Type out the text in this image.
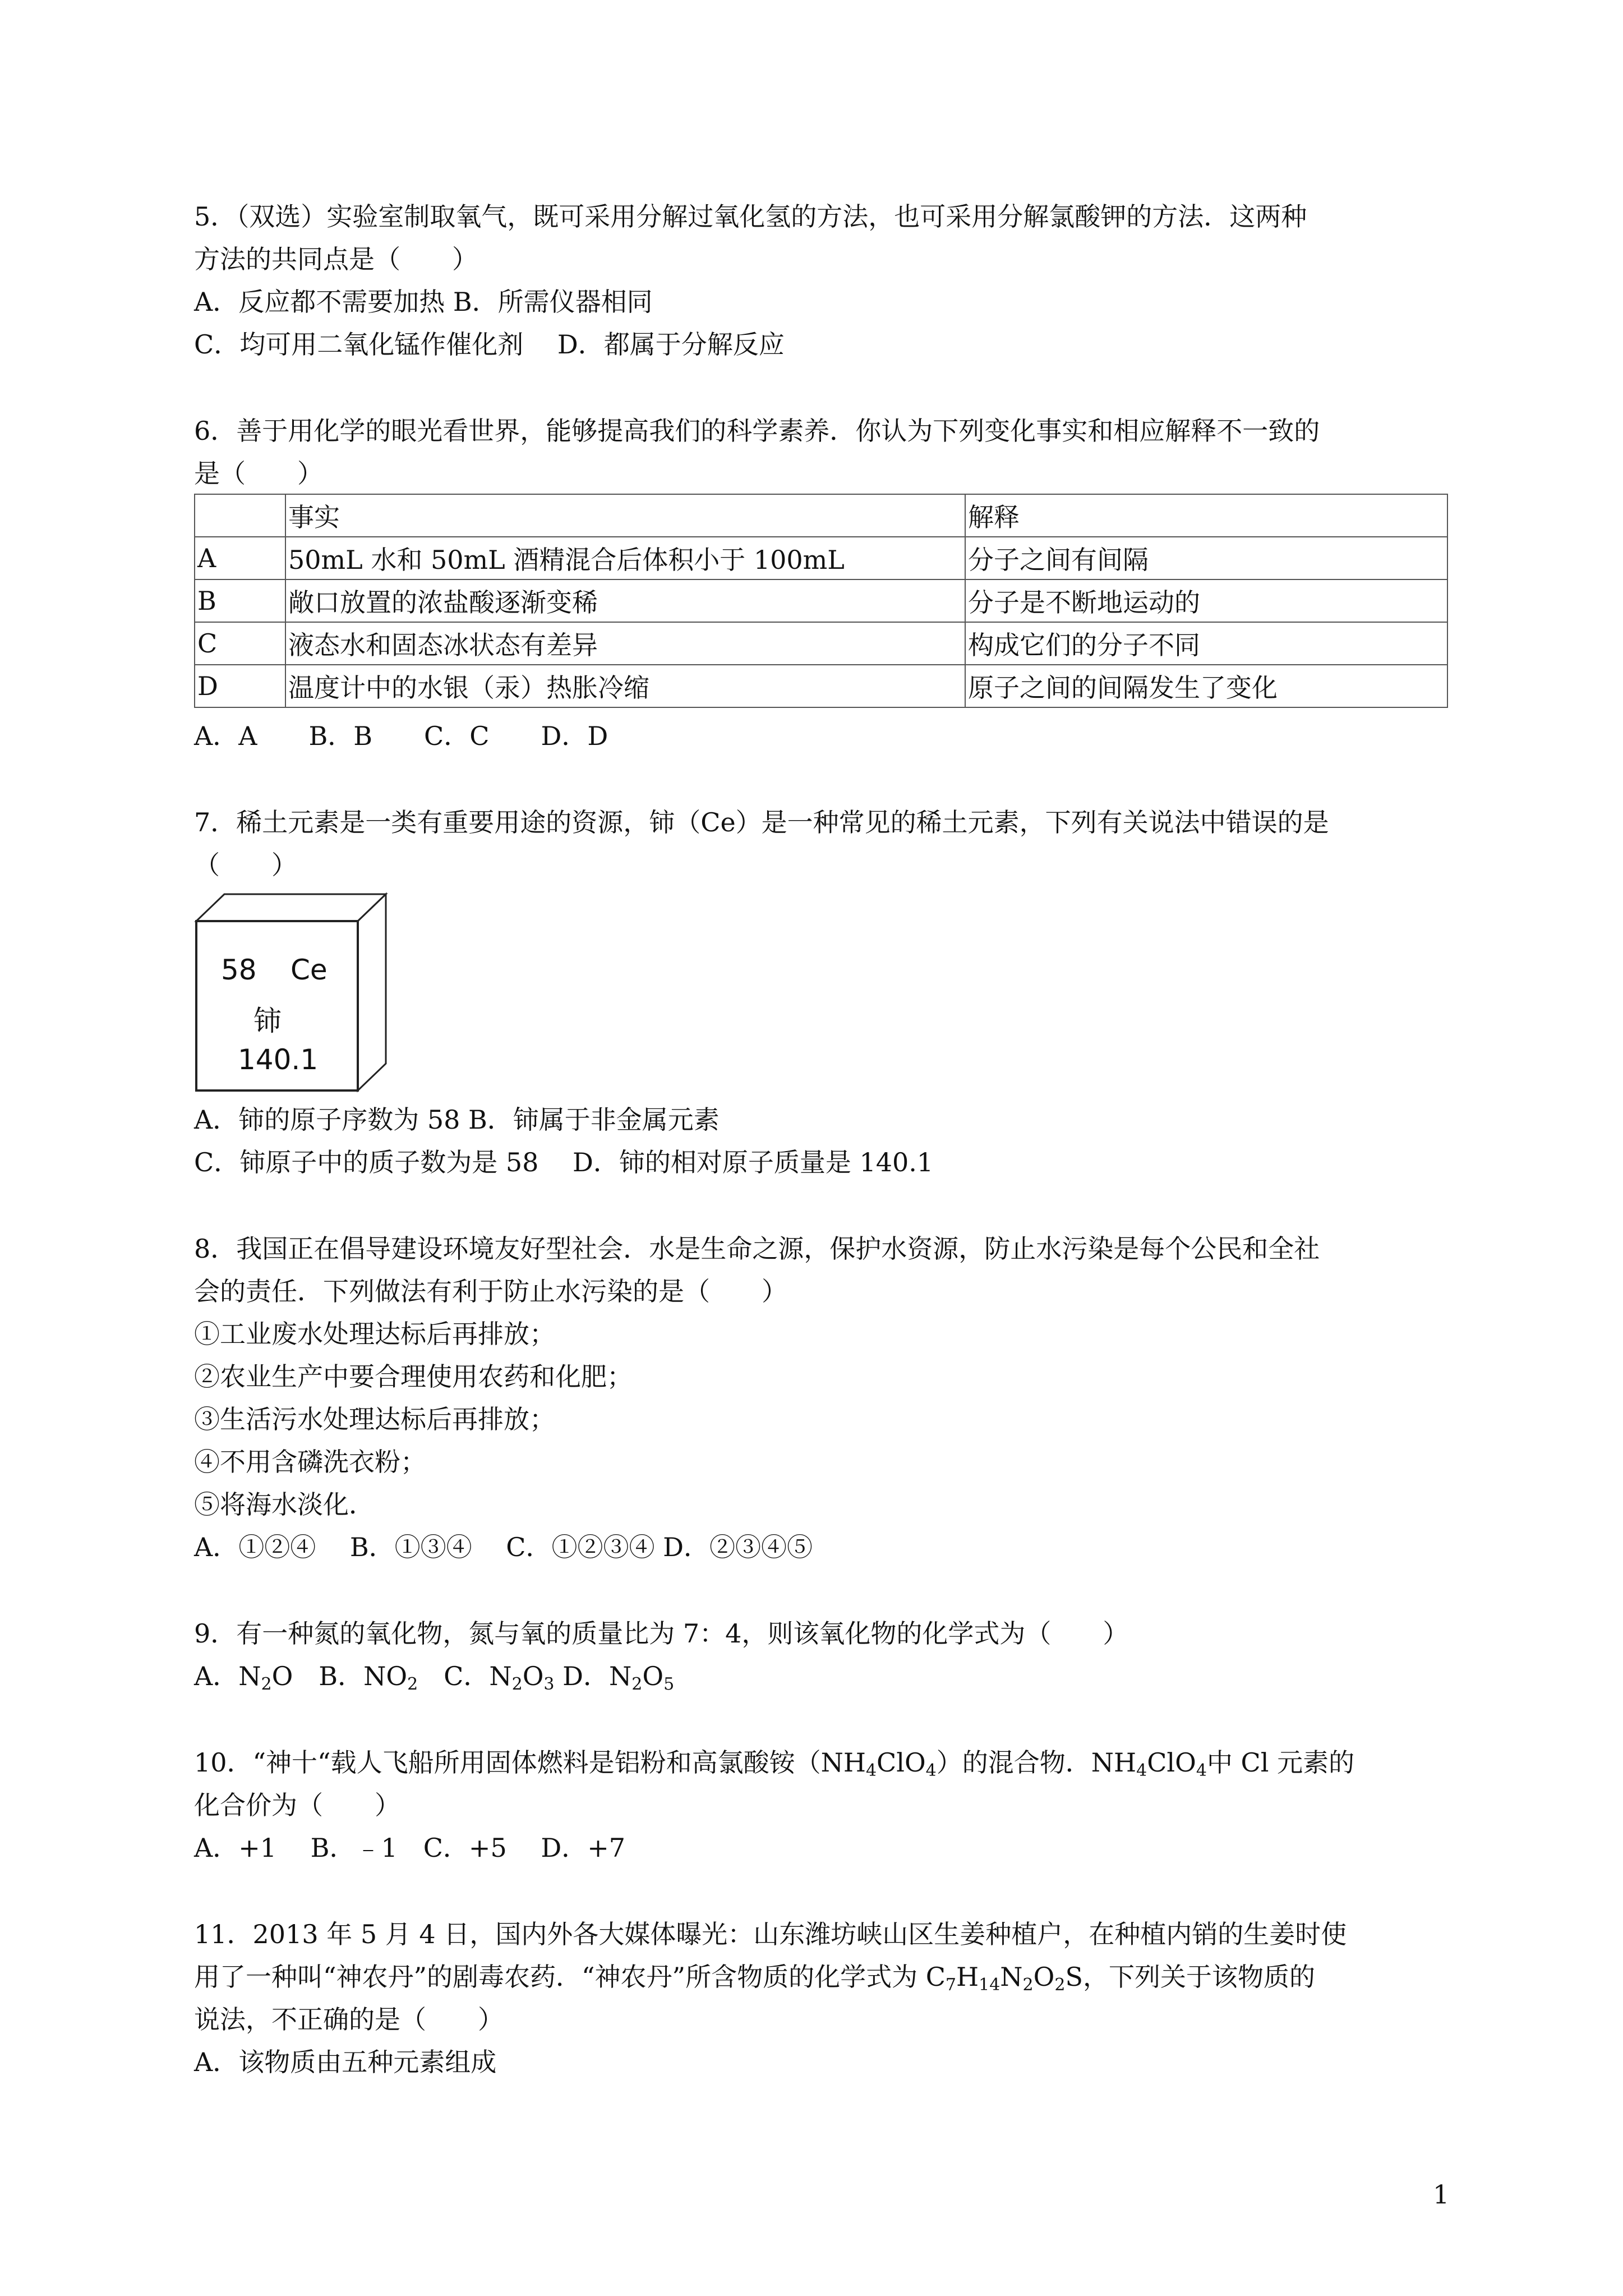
5．（双选）实验室制取氧气，既可采用分解过氧化氢的方法，也可采用分解氯酸钾的方法．这两种
方法的共同点是（　　）
A．反应都不需要加热 B．所需仪器相同
C．均可用二氧化锰作催化剂　 D．都属于分解反应
6．善于用化学的眼光看世界，能够提高我们的科学素养．你认为下列变化事实和相应解释不一致的
是（　　）
	事实	解释
A	50mL 水和 50mL 酒精混合后体积小于 100mL	分子之间有间隔
B	敞口放置的浓盐酸逐渐变稀	分子是不断地运动的
C	液态水和固态冰状态有差异	构成它们的分子不同
D	温度计中的水银（汞）热胀冷缩	原子之间的间隔发生了变化
A．A　　B．B　　C．C　　D．D
7．稀土元素是一类有重要用途的资源，铈（Ce）是一种常见的稀土元素，下列有关说法中错误的是
（　　）
58 Ce
铈
140.1
A．铈的原子序数为 58 B．铈属于非金属元素
C．铈原子中的质子数为是 58　 D．铈的相对原子质量是 140.1
8．我国正在倡导建设环境友好型社会．水是生命之源，保护水资源，防止水污染是每个公民和全社
会的责任．下列做法有利于防止水污染的是（　　）
①工业废水处理达标后再排放；
②农业生产中要合理使用农药和化肥；
③生活污水处理达标后再排放；
④不用含磷洗衣粉；
⑤将海水淡化．
A．①②④　 B．①③④　 C．①②③④ D．②③④⑤
9．有一种氮的氧化物，氮与氧的质量比为 7：4，则该氧化物的化学式为（　　）
A．$N_2O$　 B．$NO_2$　 C．$N_2O_3$ D．$N_2O_5$
10．“神十“载人飞船所用固体燃料是铝粉和高氯酸铵$(NH_4ClO_4)$的混合物．$NH_4ClO_4$中 Cl 元素的
化合价为（　　）
A．+1　 B．﹣1　C．+5　 D．+7
11．2013 年 5 月 4 日，国内外各大媒体曝光：山东潍坊峡山区生姜种植户，在种植内销的生姜时使
用了一种叫“神农丹”的剧毒农药．“神农丹”所含物质的化学式为 $C_7H_{14}N_2O_2S$，下列关于该物质的
说法，不正确的是（　　）
A．该物质由五种元素组成
1
